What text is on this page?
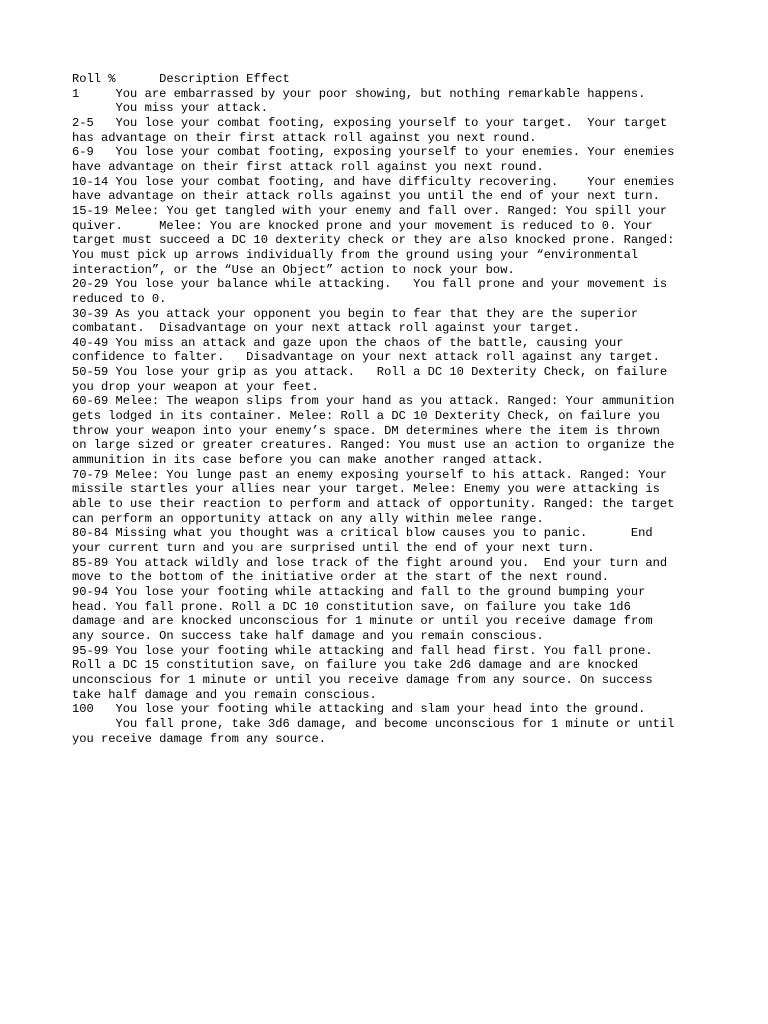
Roll %      Description Effect
1     You are embarrassed by your poor showing, but nothing remarkable happens.
You miss your attack.
2-5   You lose your combat footing, exposing yourself to your target.  Your target
has advantage on their first attack roll against you next round.
6-9   You lose your combat footing, exposing yourself to your enemies. Your enemies
have advantage on their first attack roll against you next round.
10-14 You lose your combat footing, and have difficulty recovering.    Your enemies
have advantage on their attack rolls against you until the end of your next turn.
15-19 Melee: You get tangled with your enemy and fall over. Ranged: You spill your
quiver.     Melee: You are knocked prone and your movement is reduced to 0. Your
target must succeed a DC 10 dexterity check or they are also knocked prone. Ranged:
You must pick up arrows individually from the ground using your “environmental
interaction”, or the “Use an Object” action to nock your bow.
20-29 You lose your balance while attacking.   You fall prone and your movement is
reduced to 0.
30-39 As you attack your opponent you begin to fear that they are the superior
combatant.  Disadvantage on your next attack roll against your target.
40-49 You miss an attack and gaze upon the chaos of the battle, causing your
confidence to falter.   Disadvantage on your next attack roll against any target.
50-59 You lose your grip as you attack.   Roll a DC 10 Dexterity Check, on failure
you drop your weapon at your feet.
60-69 Melee: The weapon slips from your hand as you attack. Ranged: Your ammunition
gets lodged in its container. Melee: Roll a DC 10 Dexterity Check, on failure you
throw your weapon into your enemy’s space. DM determines where the item is thrown
on large sized or greater creatures. Ranged: You must use an action to organize the
ammunition in its case before you can make another ranged attack.
70-79 Melee: You lunge past an enemy exposing yourself to his attack. Ranged: Your
missile startles your allies near your target. Melee: Enemy you were attacking is
able to use their reaction to perform and attack of opportunity. Ranged: the target
can perform an opportunity attack on any ally within melee range.
80-84 Missing what you thought was a critical blow causes you to panic.      End
your current turn and you are surprised until the end of your next turn.
85-89 You attack wildly and lose track of the fight around you.  End your turn and
move to the bottom of the initiative order at the start of the next round.
90-94 You lose your footing while attacking and fall to the ground bumping your
head. You fall prone. Roll a DC 10 constitution save, on failure you take 1d6
damage and are knocked unconscious for 1 minute or until you receive damage from
any source. On success take half damage and you remain conscious.
95-99 You lose your footing while attacking and fall head first. You fall prone.
Roll a DC 15 constitution save, on failure you take 2d6 damage and are knocked
unconscious for 1 minute or until you receive damage from any source. On success
take half damage and you remain conscious.
100   You lose your footing while attacking and slam your head into the ground.
You fall prone, take 3d6 damage, and become unconscious for 1 minute or until
you receive damage from any source.
